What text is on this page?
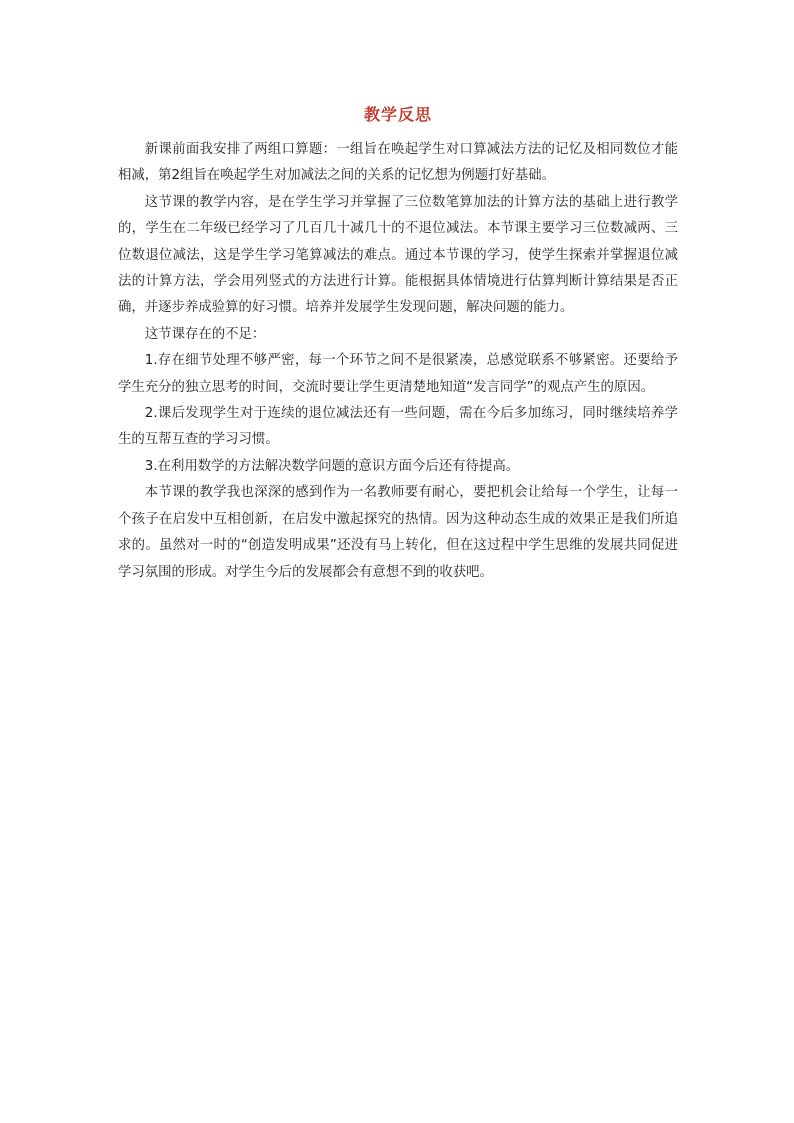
教学反思

新课前面我安排了两组口算题：一组旨在唤起学生对口算减法方法的记忆及相同数位才能相减，第2组旨在唤起学生对加减法之间的关系的记忆想为例题打好基础。

这节课的教学内容，是在学生学习并掌握了三位数笔算加法的计算方法的基础上进行教学的，学生在二年级已经学习了几百几十减几十的不退位减法。本节课主要学习三位数减两、三位数退位减法，这是学生学习笔算减法的难点。通过本节课的学习，使学生探索并掌握退位减法的计算方法，学会用列竖式的方法进行计算。能根据具体情境进行估算判断计算结果是否正确，并逐步养成验算的好习惯。培养并发展学生发现问题，解决问题的能力。

这节课存在的不足：

1.存在细节处理不够严密，每一个环节之间不是很紧凑，总感觉联系不够紧密。还要给予学生充分的独立思考的时间，交流时要让学生更清楚地知道“发言同学”的观点产生的原因。

2.课后发现学生对于连续的退位减法还有一些问题，需在今后多加练习，同时继续培养学生的互帮互查的学习习惯。

3.在利用数学的方法解决数学问题的意识方面今后还有待提高。

本节课的教学我也深深的感到作为一名教师要有耐心，要把机会让给每一个学生，让每一个孩子在启发中互相创新，在启发中激起探究的热情。因为这种动态生成的效果正是我们所追求的。虽然对一时的“创造发明成果”还没有马上转化，但在这过程中学生思维的发展共同促进学习氛围的形成。对学生今后的发展都会有意想不到的收获吧。
